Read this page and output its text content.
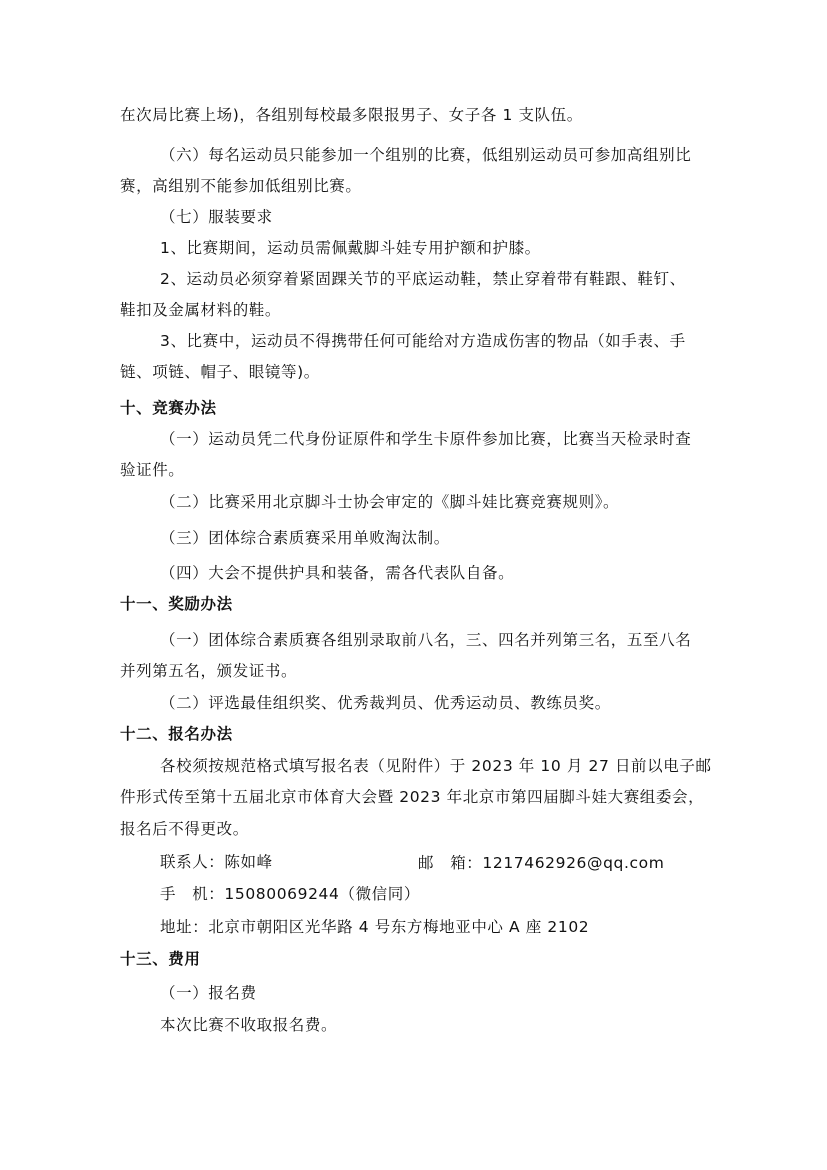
在次局比赛上场)，各组别每校最多限报男子、女子各 1 支队伍。
（六）每名运动员只能参加一个组别的比赛，低组别运动员可参加高组别比
赛，高组别不能参加低组别比赛。
（七）服装要求
1、比赛期间，运动员需佩戴脚斗娃专用护额和护膝。
2、运动员必须穿着紧固踝关节的平底运动鞋，禁止穿着带有鞋跟、鞋钉、
鞋扣及金属材料的鞋。
3、比赛中，运动员不得携带任何可能给对方造成伤害的物品（如手表、手
链、项链、帽子、眼镜等)。
十、竞赛办法
（一）运动员凭二代身份证原件和学生卡原件参加比赛，比赛当天检录时查
验证件。
（二）比赛采用北京脚斗士协会审定的《脚斗娃比赛竞赛规则》。
（三）团体综合素质赛采用单败淘汰制。
（四）大会不提供护具和装备，需各代表队自备。
十一、奖励办法
（一）团体综合素质赛各组别录取前八名，三、四名并列第三名，五至八名
并列第五名，颁发证书。
（二）评选最佳组织奖、优秀裁判员、优秀运动员、教练员奖。
十二、报名办法
各校须按规范格式填写报名表（见附件）于 2023 年 10 月 27 日前以电子邮
件形式传至第十五届北京市体育大会暨 2023 年北京市第四届脚斗娃大赛组委会，
报名后不得更改。
联系人：陈如峰
手　机：15080069244（微信同）
地址：北京市朝阳区光华路 4 号东方梅地亚中心 A 座 2102
十三、费用
（一）报名费
本次比赛不收取报名费。
邮　箱：1217462926@qq.com
